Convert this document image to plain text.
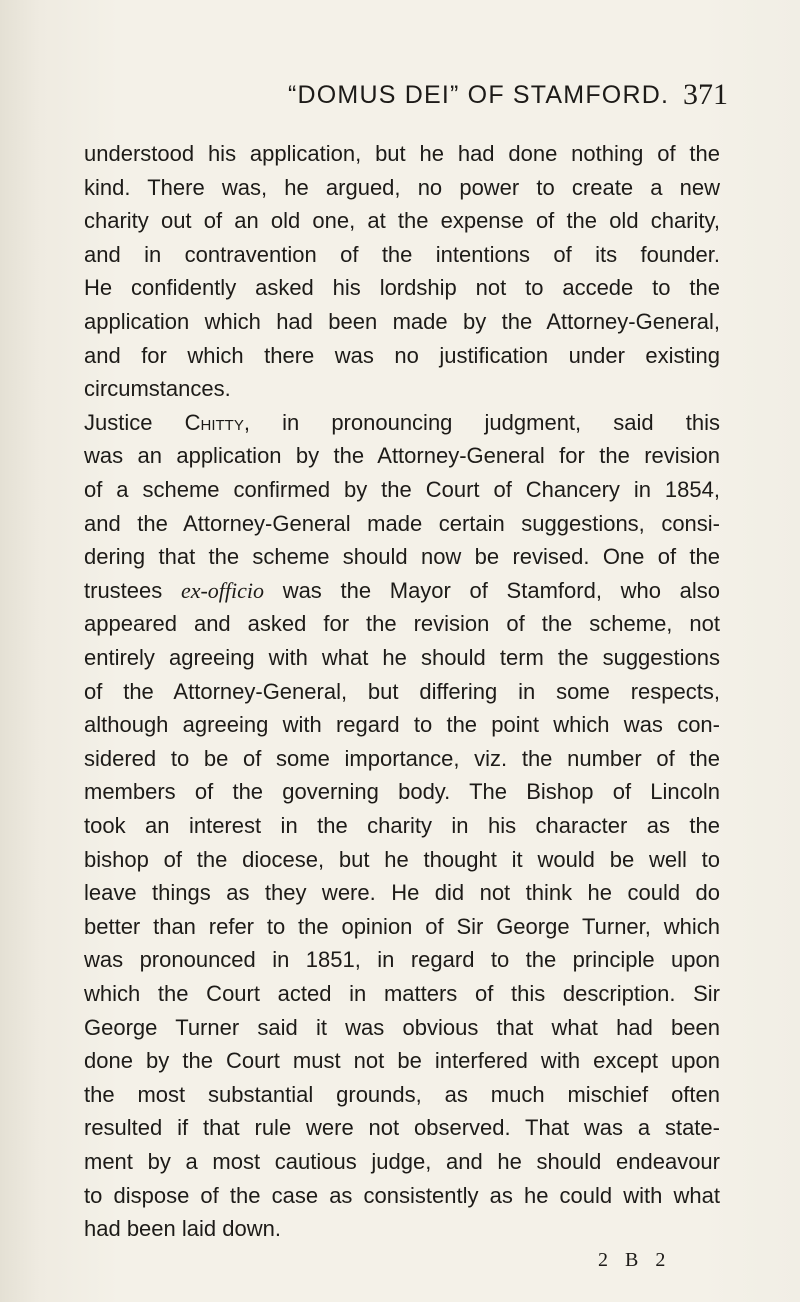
“DOMUS DEI” OF STAMFORD. 371
understood his application, but he had done nothing of the
kind. There was, he argued, no power to create a new
charity out of an old one, at the expense of the old charity,
and in contravention of the intentions of its founder.
He confidently asked his lordship not to accede to the
application which had been made by the Attorney-General,
and for which there was no justification under existing
circumstances.
Justice Chitty, in pronouncing judgment, said this
was an application by the Attorney-General for the revision
of a scheme confirmed by the Court of Chancery in 1854,
and the Attorney-General made certain suggestions, consi-
dering that the scheme should now be revised. One of the
trustees ex-officio was the Mayor of Stamford, who also
appeared and asked for the revision of the scheme, not
entirely agreeing with what he should term the suggestions
of the Attorney-General, but differing in some respects,
although agreeing with regard to the point which was con-
sidered to be of some importance, viz. the number of the
members of the governing body. The Bishop of Lincoln
took an interest in the charity in his character as the
bishop of the diocese, but he thought it would be well to
leave things as they were. He did not think he could do
better than refer to the opinion of Sir George Turner, which
was pronounced in 1851, in regard to the principle upon
which the Court acted in matters of this description. Sir
George Turner said it was obvious that what had been
done by the Court must not be interfered with except upon
the most substantial grounds, as much mischief often
resulted if that rule were not observed. That was a state-
ment by a most cautious judge, and he should endeavour
to dispose of the case as consistently as he could with what
had been laid down.
2 B 2
